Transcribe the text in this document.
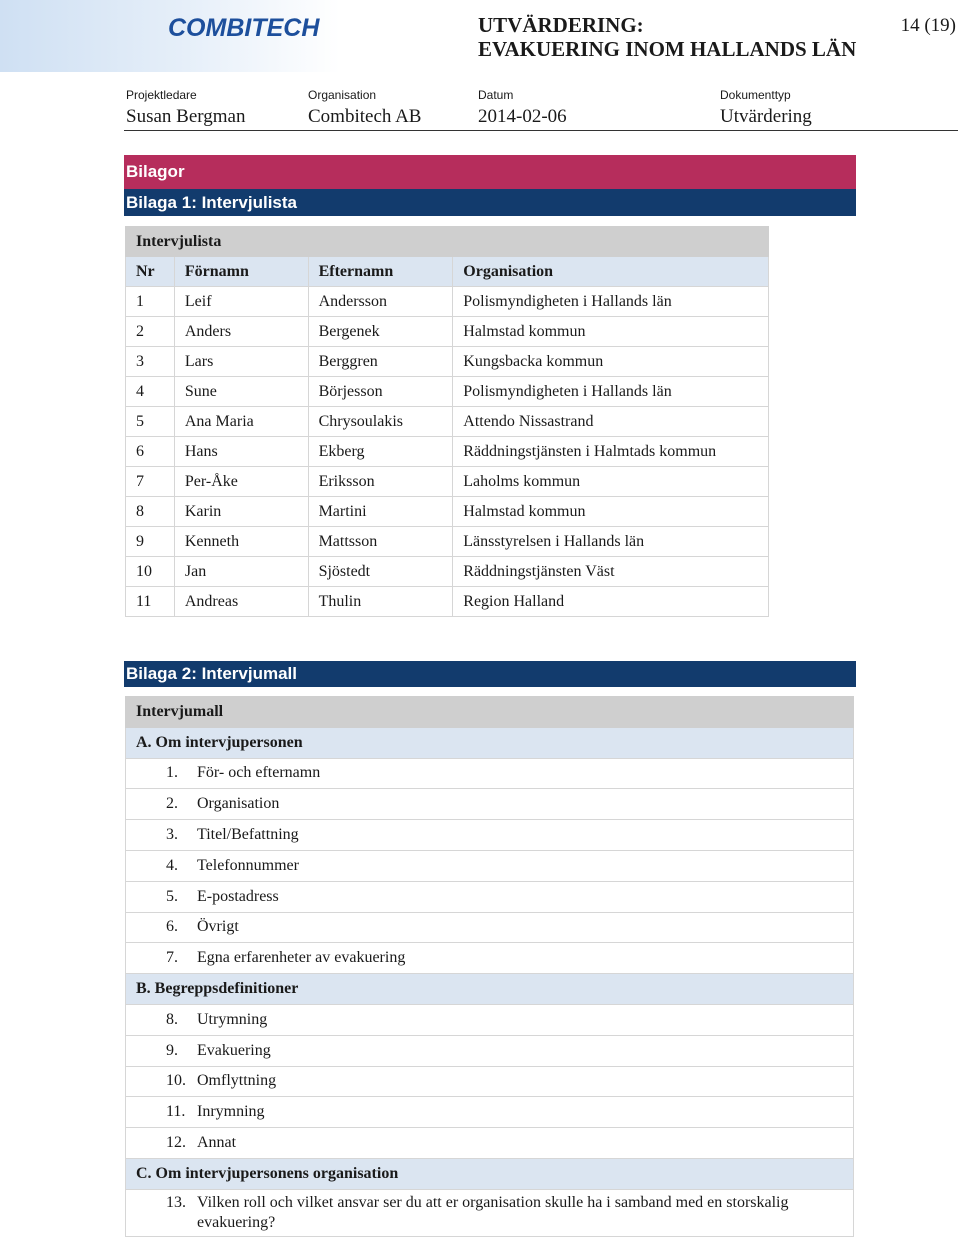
COMBITECH	UTVÄRDERING:
EVAKUERING INOM HALLANDS LÄN
14 (19)
Projektledare	Organisation	Datum	Dokumenttyp
Susan Bergman	Combitech AB	2014-02-06	Utvärdering
Bilagor
Bilaga 1: Intervjulista
Intervjulista			
Nr	Förnamn	Efternamn	Organisation
1	Leif	Andersson	Polismyndigheten i Hallands län
2	Anders	Bergenek	Halmstad kommun
3	Lars	Berggren	Kungsbacka kommun
4	Sune	Börjesson	Polismyndigheten i Hallands län
5	Ana Maria	Chrysoulakis	Attendo Nissastrand
6	Hans	Ekberg	Räddningstjänsten i Halmtads kommun
7	Per-Åke	Eriksson	Laholms kommun
8	Karin	Martini	Halmstad kommun
9	Kenneth	Mattsson	Länsstyrelsen i Hallands län
10	Jan	Sjöstedt	Räddningstjänsten Väst
11	Andreas	Thulin	Region Halland
Bilaga 2: Intervjumall
Intervjumall
A. Om intervjupersonen

1.	För- och efternamn

2.	Organisation

3.	Titel/Befattning

4.	Telefonnummer

5.	E-postadress

6.	Övrigt

7.	Egna erfarenheter av evakuering

B. Begreppsdefinitioner

8.	Utrymning

9.	Evakuering

10. Omflyttning

11. Inrymning

12. Annat

C. Om intervjupersonens organisation

13. Vilken roll och vilket ansvar ser du att er organisation skulle ha i samband med en storskalig evakuering?
